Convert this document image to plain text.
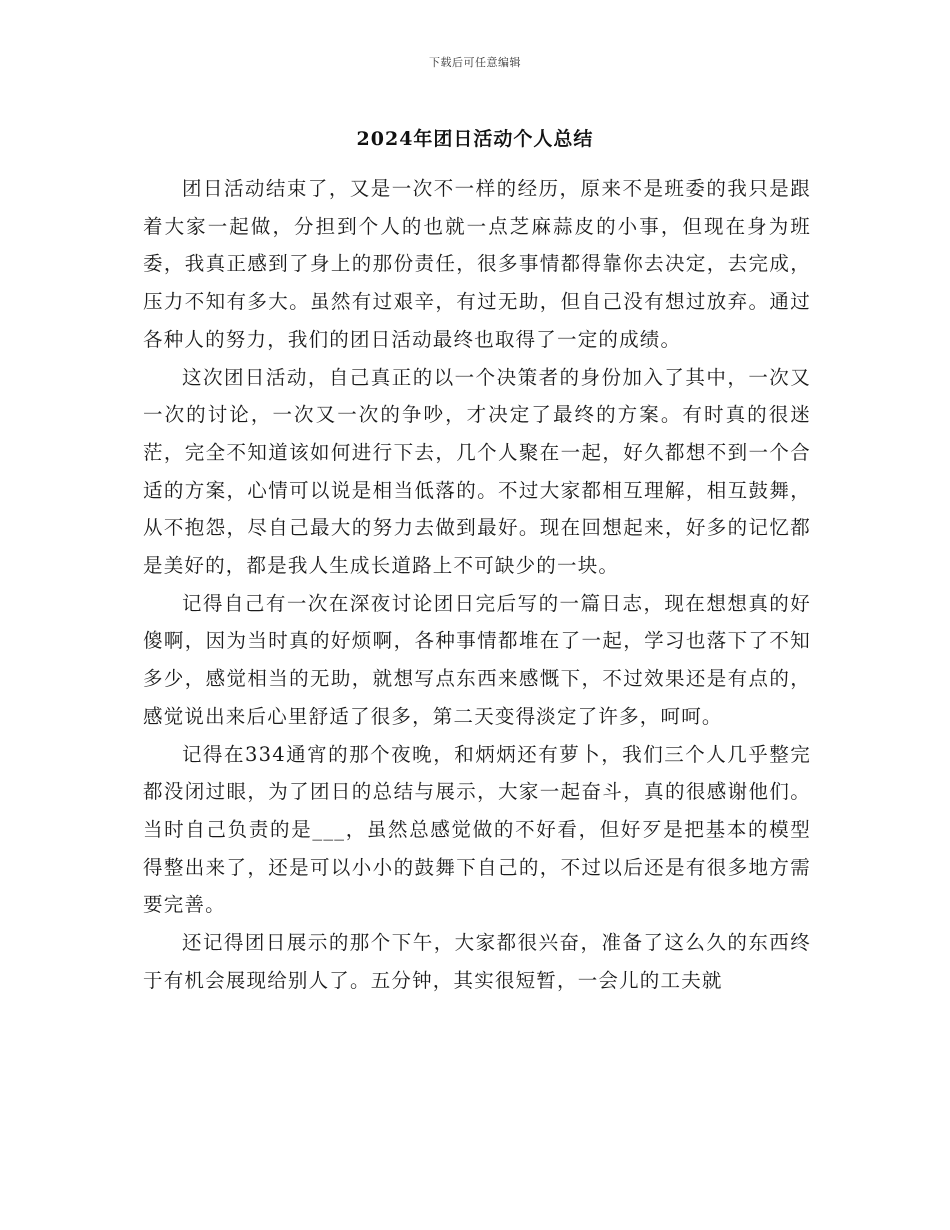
下载后可任意编辑
2024年团日活动个人总结

团日活动结束了，又是一次不一样的经历，原来不是班委的我只是跟着大家一起做，分担到个人的也就一点芝麻蒜皮的小事，但现在身为班委，我真正感到了身上的那份责任，很多事情都得靠你去决定，去完成，压力不知有多大。虽然有过艰辛，有过无助，但自己没有想过放弃。通过各种人的努力，我们的团日活动最终也取得了一定的成绩。

这次团日活动，自己真正的以一个决策者的身份加入了其中，一次又一次的讨论，一次又一次的争吵，才决定了最终的方案。有时真的很迷茫，完全不知道该如何进行下去，几个人聚在一起，好久都想不到一个合适的方案，心情可以说是相当低落的。不过大家都相互理解，相互鼓舞，从不抱怨，尽自己最大的努力去做到最好。现在回想起来，好多的记忆都是美好的，都是我人生成长道路上不可缺少的一块。

记得自己有一次在深夜讨论团日完后写的一篇日志，现在想想真的好傻啊，因为当时真的好烦啊，各种事情都堆在了一起，学习也落下了不知多少，感觉相当的无助，就想写点东西来感慨下，不过效果还是有点的，感觉说出来后心里舒适了很多，第二天变得淡定了许多，呵呵。

记得在334通宵的那个夜晚，和炳炳还有萝卜，我们三个人几乎整完都没闭过眼，为了团日的总结与展示，大家一起奋斗，真的很感谢他们。当时自己负责的是___，虽然总感觉做的不好看，但好歹是把基本的模型得整出来了，还是可以小小的鼓舞下自己的，不过以后还是有很多地方需要完善。

还记得团日展示的那个下午，大家都很兴奋，准备了这么久的东西终于有机会展现给别人了。五分钟，其实很短暂，一会儿的工夫就
